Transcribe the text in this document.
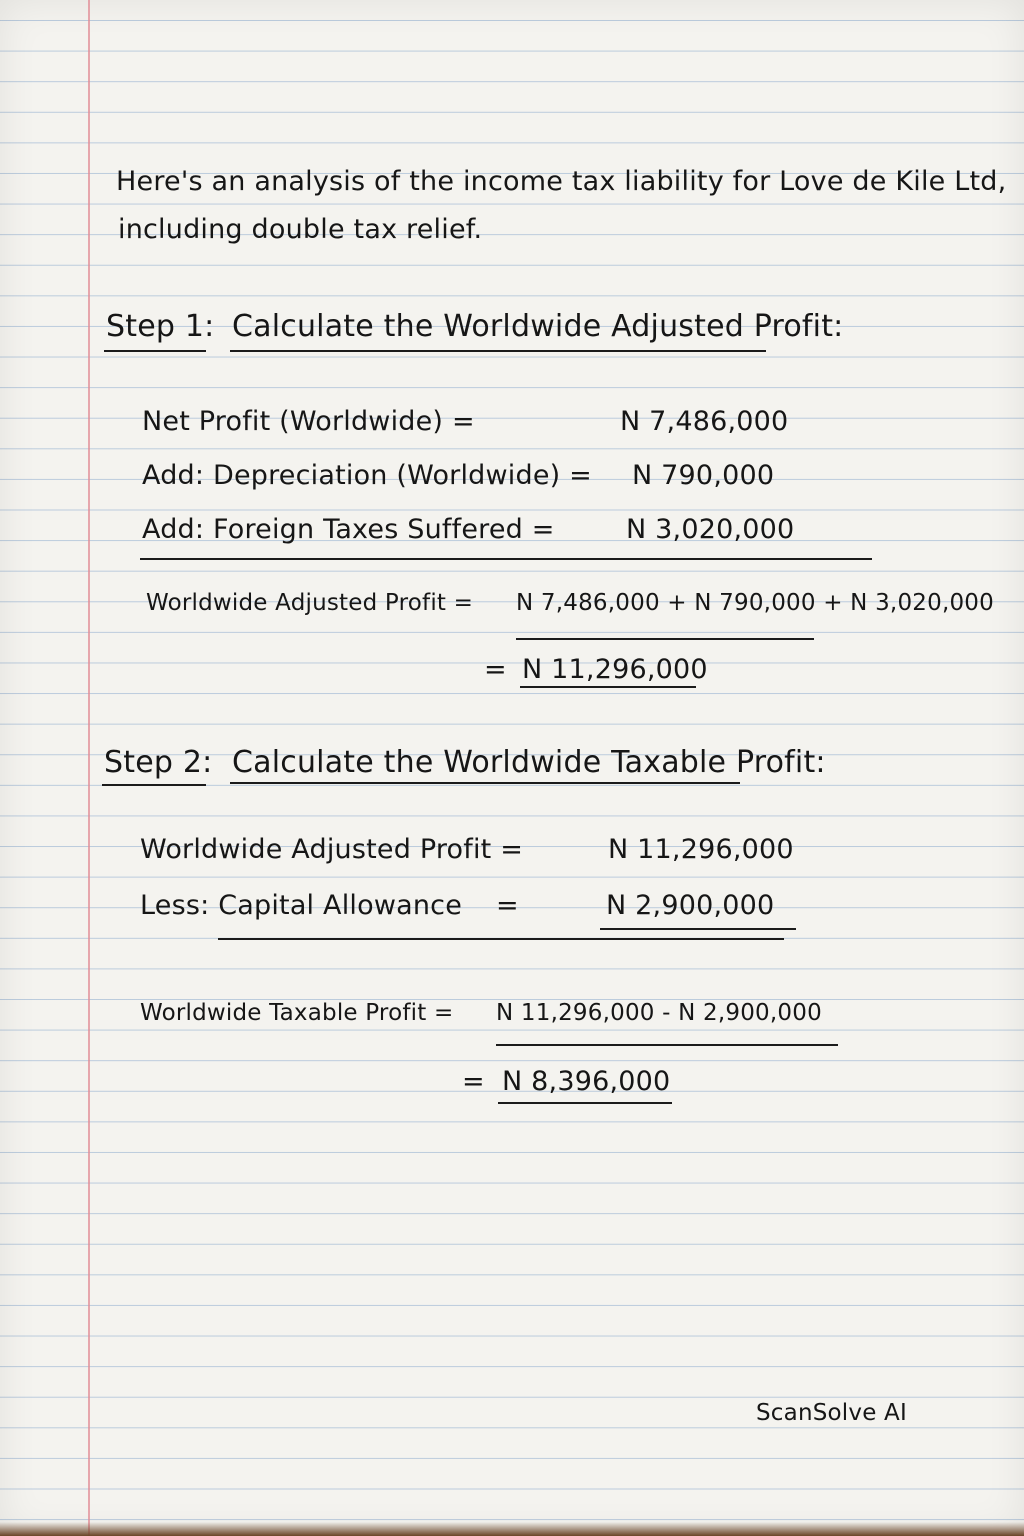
Here's an analysis of the income tax liability for Love de Kile Ltd,
including double tax relief.
Step 1: Calculate the Worldwide Adjusted Profit:
Net Profit (Worldwide) =	N 7,486,000
Add: Depreciation (Worldwide) = N 790,000
Add: Foreign Taxes Suffered =	N 3,020,000
Worldwide Adjusted Profit = N 7,486,000 + N 790,000 + N 3,020,000
= N 11,296,000
Step 2: Calculate the Worldwide Taxable Profit:
Worldwide Adjusted Profit =	N 11,296,000
Less: Capital Allowance =	N 2,900,000
Worldwide Taxable Profit = N 11,296,000 - N 2,900,000
= N 8,396,000
ScanSolve AI
